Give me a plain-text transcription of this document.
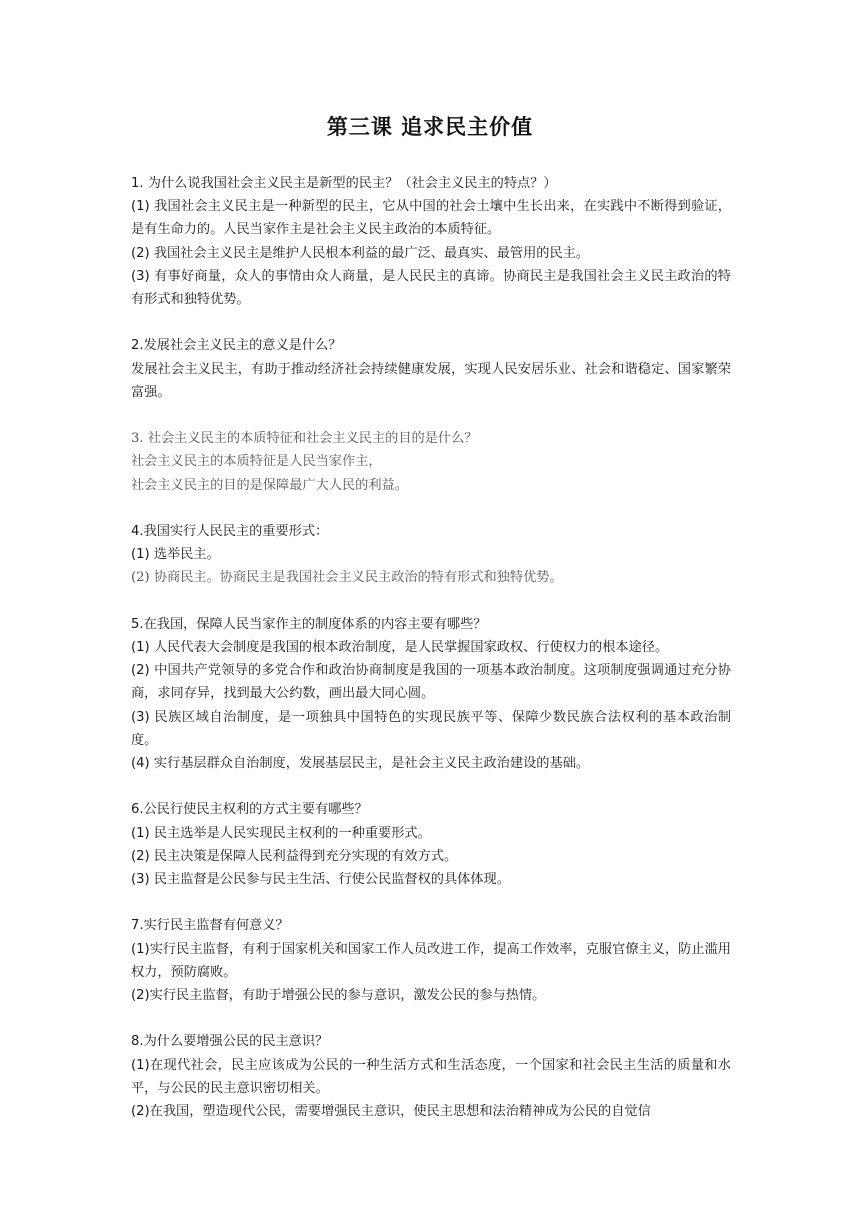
第三课 追求民主价值

1. 为什么说我国社会主义民主是新型的民主？（社会主义民主的特点？）

(1) 我国社会主义民主是一种新型的民主，它从中国的社会土壤中生长出来，在实践中不断得到验证，是有生命力的。人民当家作主是社会主义民主政治的本质特征。

(2) 我国社会主义民主是维护人民根本利益的最广泛、最真实、最管用的民主。

(3) 有事好商量，众人的事情由众人商量，是人民民主的真谛。协商民主是我国社会主义民主政治的特有形式和独特优势。

2.发展社会主义民主的意义是什么？

发展社会主义民主，有助于推动经济社会持续健康发展，实现人民安居乐业、社会和谐稳定、国家繁荣富强。

3. 社会主义民主的本质特征和社会主义民主的目的是什么？

社会主义民主的本质特征是人民当家作主，

社会主义民主的目的是保障最广大人民的利益。

4.我国实行人民民主的重要形式：

(1) 选举民主。

(2) 协商民主。协商民主是我国社会主义民主政治的特有形式和独特优势。

5.在我国，保障人民当家作主的制度体系的内容主要有哪些？

(1) 人民代表大会制度是我国的根本政治制度，是人民掌握国家政权、行使权力的根本途径。

(2) 中国共产党领导的多党合作和政治协商制度是我国的一项基本政治制度。这项制度强调通过充分协商，求同存异，找到最大公约数，画出最大同心圆。

(3) 民族区域自治制度，是一项独具中国特色的实现民族平等、保障少数民族合法权利的基本政治制度。

(4) 实行基层群众自治制度，发展基层民主，是社会主义民主政治建设的基础。

6.公民行使民主权利的方式主要有哪些？

(1) 民主选举是人民实现民主权利的一种重要形式。

(2) 民主决策是保障人民利益得到充分实现的有效方式。

(3) 民主监督是公民参与民主生活、行使公民监督权的具体体现。

7.实行民主监督有何意义？

(1)实行民主监督，有利于国家机关和国家工作人员改进工作，提高工作效率，克服官僚主义，防止滥用权力，预防腐败。

(2)实行民主监督，有助于增强公民的参与意识，激发公民的参与热情。

8.为什么要增强公民的民主意识？

(1)在现代社会，民主应该成为公民的一种生活方式和生活态度，一个国家和社会民主生活的质量和水平，与公民的民主意识密切相关。

(2)在我国，塑造现代公民，需要增强民主意识，使民主思想和法治精神成为公民的自觉信
